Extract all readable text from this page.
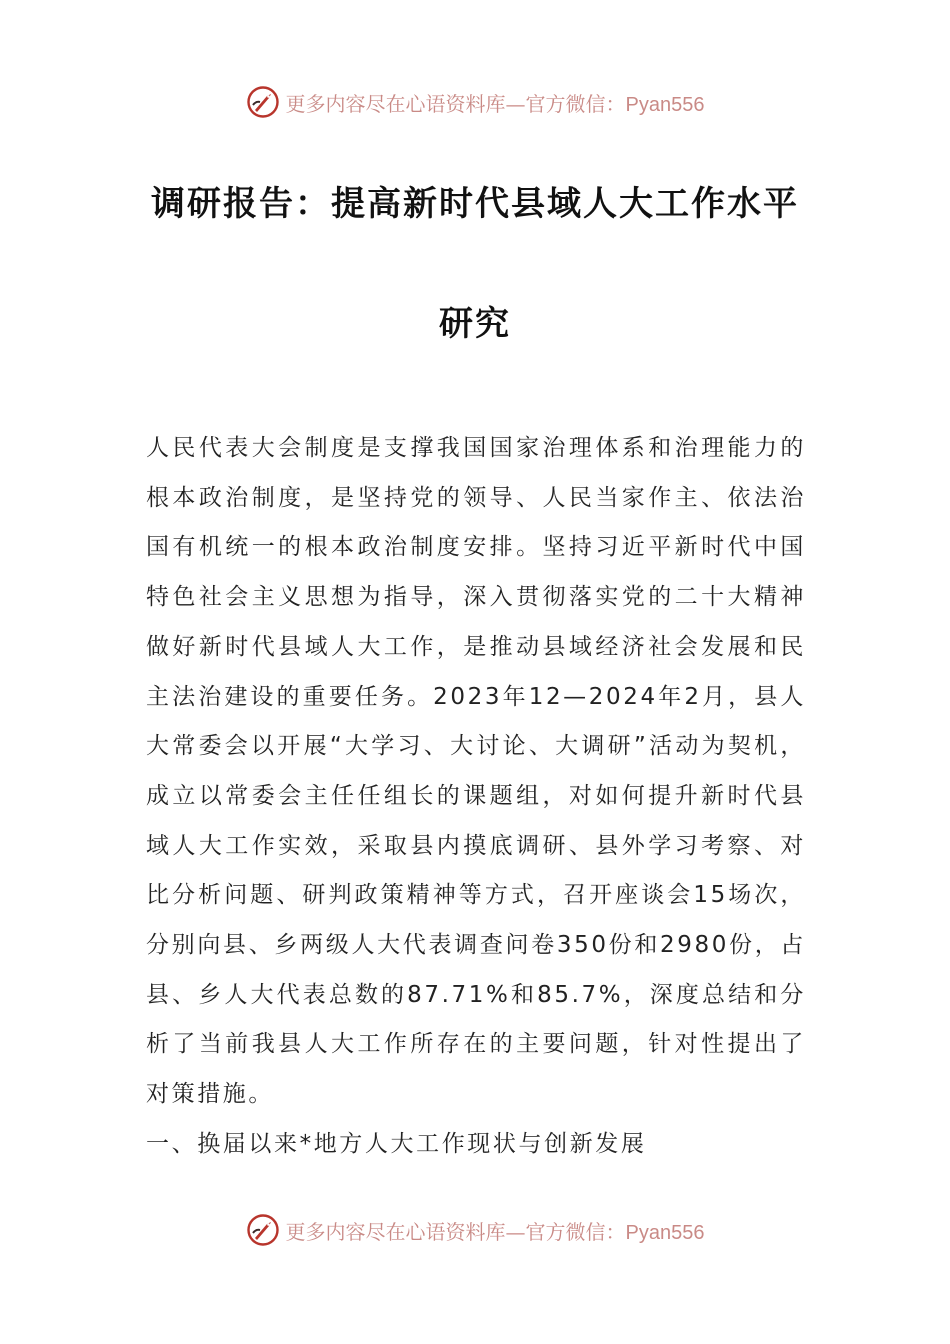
更多内容尽在心语资料库—官方微信：Pyan556
调研报告：提高新时代县域人大工作水平
研究

人民代表大会制度是支撑我国国家治理体系和治理能力的根本政治制度，是坚持党的领导、人民当家作主、依法治国有机统一的根本政治制度安排。坚持习近平新时代中国特色社会主义思想为指导，深入贯彻落实党的二十大精神做好新时代县域人大工作，是推动县域经济社会发展和民主法治建设的重要任务。2023年12—2024年2月，县人大常委会以开展“大学习、大讨论、大调研”活动为契机，成立以常委会主任任组长的课题组，对如何提升新时代县域人大工作实效，采取县内摸底调研、县外学习考察、对比分析问题、研判政策精神等方式，召开座谈会15场次，分别向县、乡两级人大代表调查问卷350份和2980份，占县、乡人大代表总数的87.71%和85.7%，深度总结和分析了当前我县人大工作所存在的主要问题，针对性提出了对策措施。

一、换届以来*地方人大工作现状与创新发展

更多内容尽在心语资料库—官方微信：Pyan556
